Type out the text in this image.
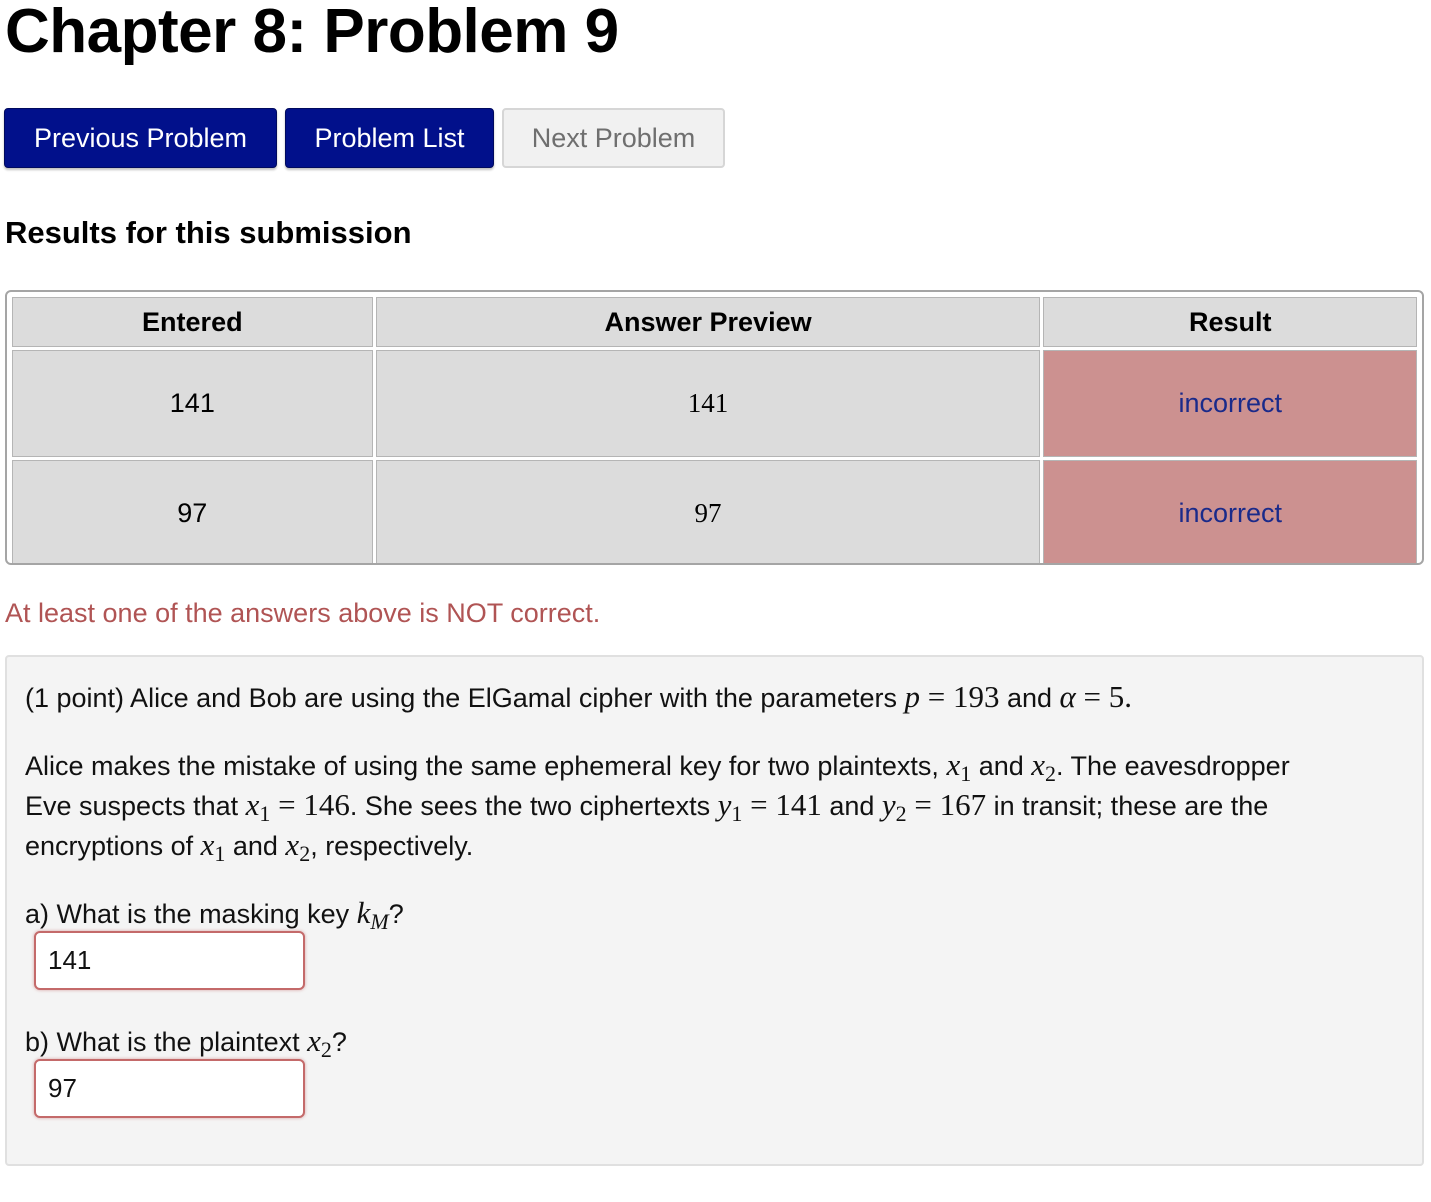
Chapter 8: Problem 9
Previous Problem	Problem List	Next Problem
Results for this submission
Entered	Answer Preview	Result
141	141	incorrect
97	97	incorrect
At least one of the answers above is NOT correct.
(1 point) Alice and Bob are using the ElGamal cipher with the parameters p = 193 and α = 5.
Alice makes the mistake of using the same ephemeral key for two plaintexts, $x_1$ and $x_2$. The eavesdropper
Eve suspects that $x_1 = 146$. She sees the two ciphertexts $y_1 = 141$ and $y_2 = 167$ in transit; these are the
encryptions of $x_1$ and $x_2$, respectively.
a) What is the masking key $k_M$?
141
b) What is the plaintext $x_2$?
97
